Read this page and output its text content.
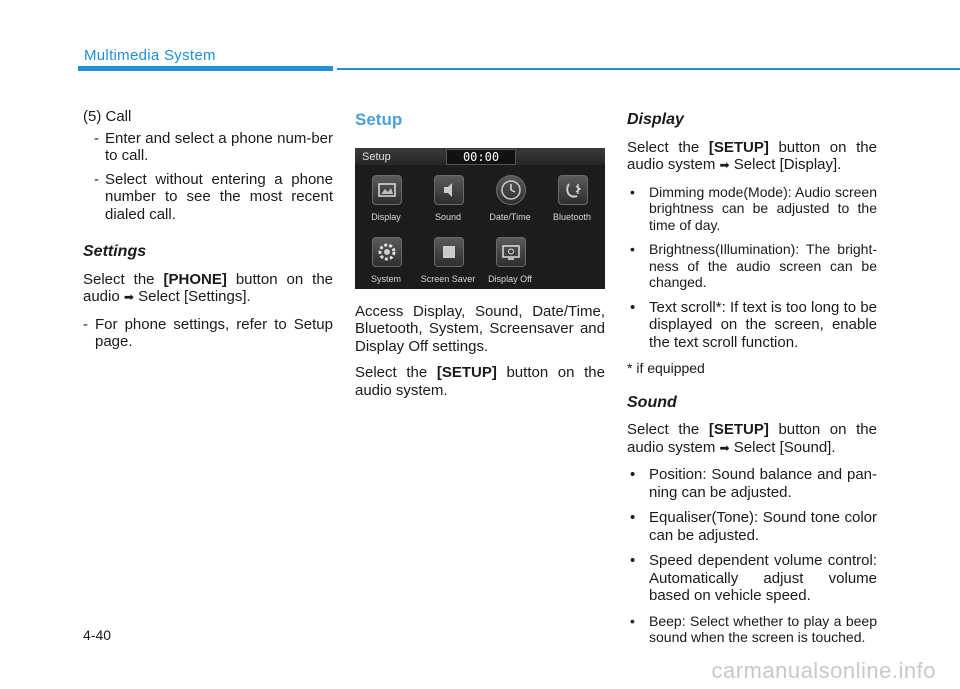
Multimedia System

(5) Call

- Enter and select a phone num-ber to call.
- Select without entering a phone number to see the most recent dialed call.
Settings

Select the [PHONE] button on the audio ➡ Select [Settings].

- For phone settings, refer to Setup page.
Setup
Setup	00:00
Display	Sound	Date/Time	Bluetooth
System	Screen Saver	Display Off

Access Display, Sound, Date/Time, Bluetooth, System, Screensaver and Display Off settings.

Select the [SETUP] button on the audio system.

Display

Select the [SETUP] button on the audio system ➡ Select [Display].

• Dimming mode(Mode): Audio screen brightness can be adjusted to the time of day.
• Brightness(Illumination): The bright-ness of the audio screen can be changed.
• Text scroll*: If text is too long to be displayed on the screen, enable the text scroll function.

* if equipped

Sound

Select the [SETUP] button on the audio system ➡ Select [Sound].

• Position: Sound balance and pan-ning can be adjusted.
• Equaliser(Tone): Sound tone color can be adjusted.
• Speed dependent volume control: Automatically adjust volume based on vehicle speed.
• Beep: Select whether to play a beep sound when the screen is touched.
4-40
carmanualsonline.info
